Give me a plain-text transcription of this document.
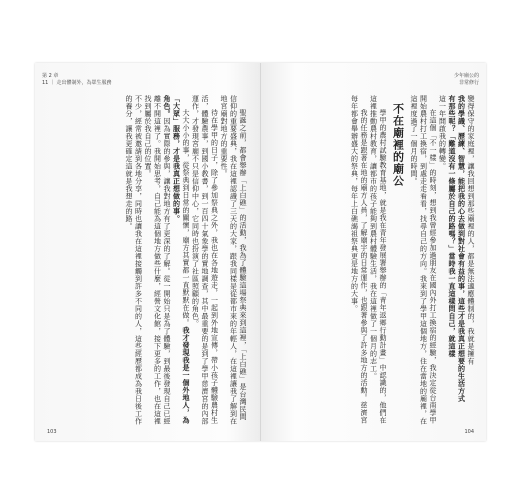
第 2 章
11 ｜ 走出體制外，為眾生服務

聖誕之前，都會舉辦「上白礁」的活動，我為了體驗這場祭典來到這裡，「上白礁」是台灣民間信仰的重要盛典，我在這裡認識了三天的大家，跟我同樣是從都市來的年輕人，在這裡讓我了解到在地宮廟對地方的重要性。

待在學甲的日子，除了參加祭典之外，我也在各地遊走，一起到外地宣傳，帶小孩子體驗農村生活，體驗農事，到國小教書，到一百四十氣象學的實地調查，其中最重要的是到了學甲慈濟宮的內部運作，才發現宮廟不只是信仰中心，它同時也扮演了社區照顧的角色。

大大小小的事，從祭典到日常的關懷，廟方其實都一直默默在做。我才發現我是一個外地人，為「大眾」服務，才是我真正想做的事。

角色。因為實際的參與，讓我對地方有了更深的了解。從一開始只是為了體驗，到最後發現自己已經離不開這裡了。我開始思考，自己能為這個地方做些什麼，經營文化館，接下更多的工作，也在這裡找到屬於我自己的位置。

不少，經常被邀請到各地分享，同時也讓我在這裡接觸到許多不同的人，這些經歷都成為我日後工作的養分，讓我更確定這就是我想走的路。

103
少年廟公的
非常修行

變得保守的家庭裡，讓我回想到那些廟裡的人，都是無法適應體制的，我就是擁有

我的學識、歷練、智慧，能把我的心去做到對社會有益的事，這些才是我真正想要的生活方式

有那些呢？「難道沒有一條屬於自己的路嗎？」當時我一直這樣問自己，就這樣

這一年開啟我的轉變。

在這個「不一樣」的時刻，想到我曾經參加過朋友在國內外打工換宿的經驗，我決定從台南學甲開始農村打工換宿，到處走走看看，找尋自己的方向。我來到了學甲這個地方，住在當地的廟裡，在這裡度過了一個月的時間。

不在廟裡的廟公

學甲的農村試驗教育基地，就是我在青年發展署舉辦的「青年返鄉行動計畫」中認識的，他們在這裡推動農村教育，讓都市的孩子能夠到農村體驗生活，我在這裡做了一個月的志工。

我的任務是跟著在地的廟方人員，了解廟宇的日常運作，也跟著參與了許多地方的活動。慈濟宮每年都會舉辦盛大的祭典，每年上白礁謁祖祭典更是地方的大事。

104
